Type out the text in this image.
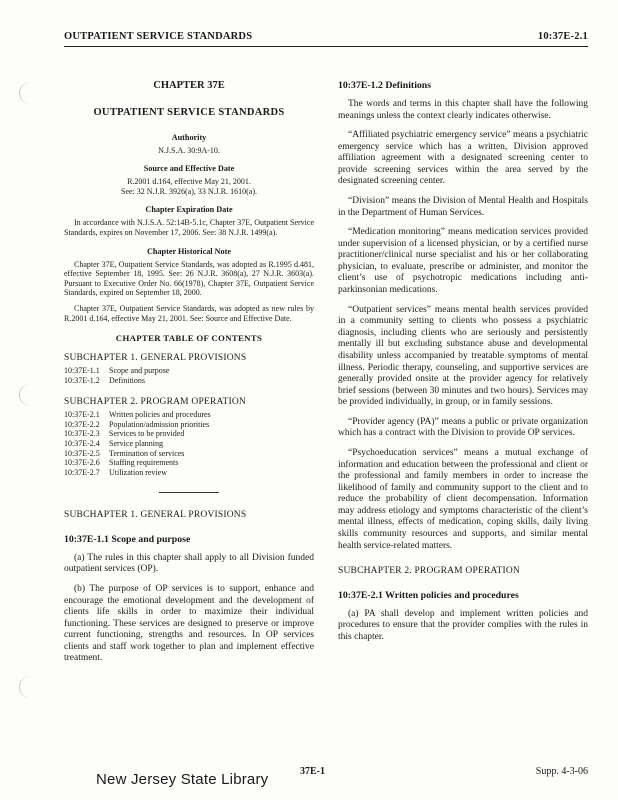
OUTPATIENT SERVICE STANDARDS	10:37E-2.1
CHAPTER 37E
OUTPATIENT SERVICE STANDARDS
Authority
N.J.S.A. 30:9A-10.
Source and Effective Date
R.2001 d.164, effective May 21, 2001.
See: 32 N.J.R. 3926(a), 33 N.J.R. 1610(a).
Chapter Expiration Date
In accordance with N.J.S.A. 52:14B-5.1c, Chapter 37E, Outpatient Service Standards, expires on November 17, 2006. See: 38 N.J.R. 1499(a).
Chapter Historical Note
Chapter 37E, Outpatient Service Standards, was adopted as R.1995 d.481, effective September 18, 1995. See: 26 N.J.R. 3608(a), 27 N.J.R. 3603(a). Pursuant to Executive Order No. 66(1978), Chapter 37E, Outpatient Service Standards, expired on September 18, 2000.
Chapter 37E, Outpatient Service Standards, was adopted as new rules by R.2001 d.164, effective May 21, 2001. See: Source and Effective Date.
CHAPTER TABLE OF CONTENTS
SUBCHAPTER 1. GENERAL PROVISIONS
10:37E-1.1	Scope and purpose
10:37E-1.2	Definitions
SUBCHAPTER 2. PROGRAM OPERATION
10:37E-2.1	Written policies and procedures
10:37E-2.2	Population/admission priorities
10:37E-2.3	Services to be provided
10:37E-2.4	Service planning
10:37E-2.5	Termination of services
10:37E-2.6	Staffing requirements
10:37E-2.7	Utilization review
SUBCHAPTER 1. GENERAL PROVISIONS
10:37E-1.1 Scope and purpose

(a) The rules in this chapter shall apply to all Division funded outpatient services (OP).

(b) The purpose of OP services is to support, enhance and encourage the emotional development and the development of clients life skills in order to maximize their individual functioning. These services are designed to preserve or improve current functioning, strengths and resources. In OP services clients and staff work together to plan and implement effective treatment.

10:37E-1.2 Definitions

The words and terms in this chapter shall have the following meanings unless the context clearly indicates otherwise.

“Affiliated psychiatric emergency service” means a psychiatric emergency service which has a written, Division approved affiliation agreement with a designated screening center to provide screening services within the area served by the designated screening center.

“Division” means the Division of Mental Health and Hospitals in the Department of Human Services.

“Medication monitoring” means medication services provided under supervision of a licensed physician, or by a certified nurse practitioner/clinical nurse specialist and his or her collaborating physician, to evaluate, prescribe or administer, and monitor the client’s use of psychotropic medications including anti-parkinsonian medications.

“Outpatient services” means mental health services provided in a community setting to clients who possess a psychiatric diagnosis, including clients who are seriously and persistently mentally ill but excluding substance abuse and developmental disability unless accompanied by treatable symptoms of mental illness. Periodic therapy, counseling, and supportive services are generally provided onsite at the provider agency for relatively brief sessions (between 30 minutes and two hours). Services may be provided individually, in group, or in family sessions.

“Provider agency (PA)” means a public or private organization which has a contract with the Division to provide OP services.

“Psychoeducation services” means a mutual exchange of information and education between the professional and client or the professional and family members in order to increase the likelihood of family and community support to the client and to reduce the probability of client decompensation. Information may address etiology and symptoms characteristic of the client’s mental illness, effects of medication, coping skills, daily living skills community resources and supports, and similar mental health service-related matters.

SUBCHAPTER 2. PROGRAM OPERATION
10:37E-2.1 Written policies and procedures

(a) PA shall develop and implement written policies and procedures to ensure that the provider complies with the rules in this chapter.

New Jersey State Library	37E-1	Supp. 4-3-06
